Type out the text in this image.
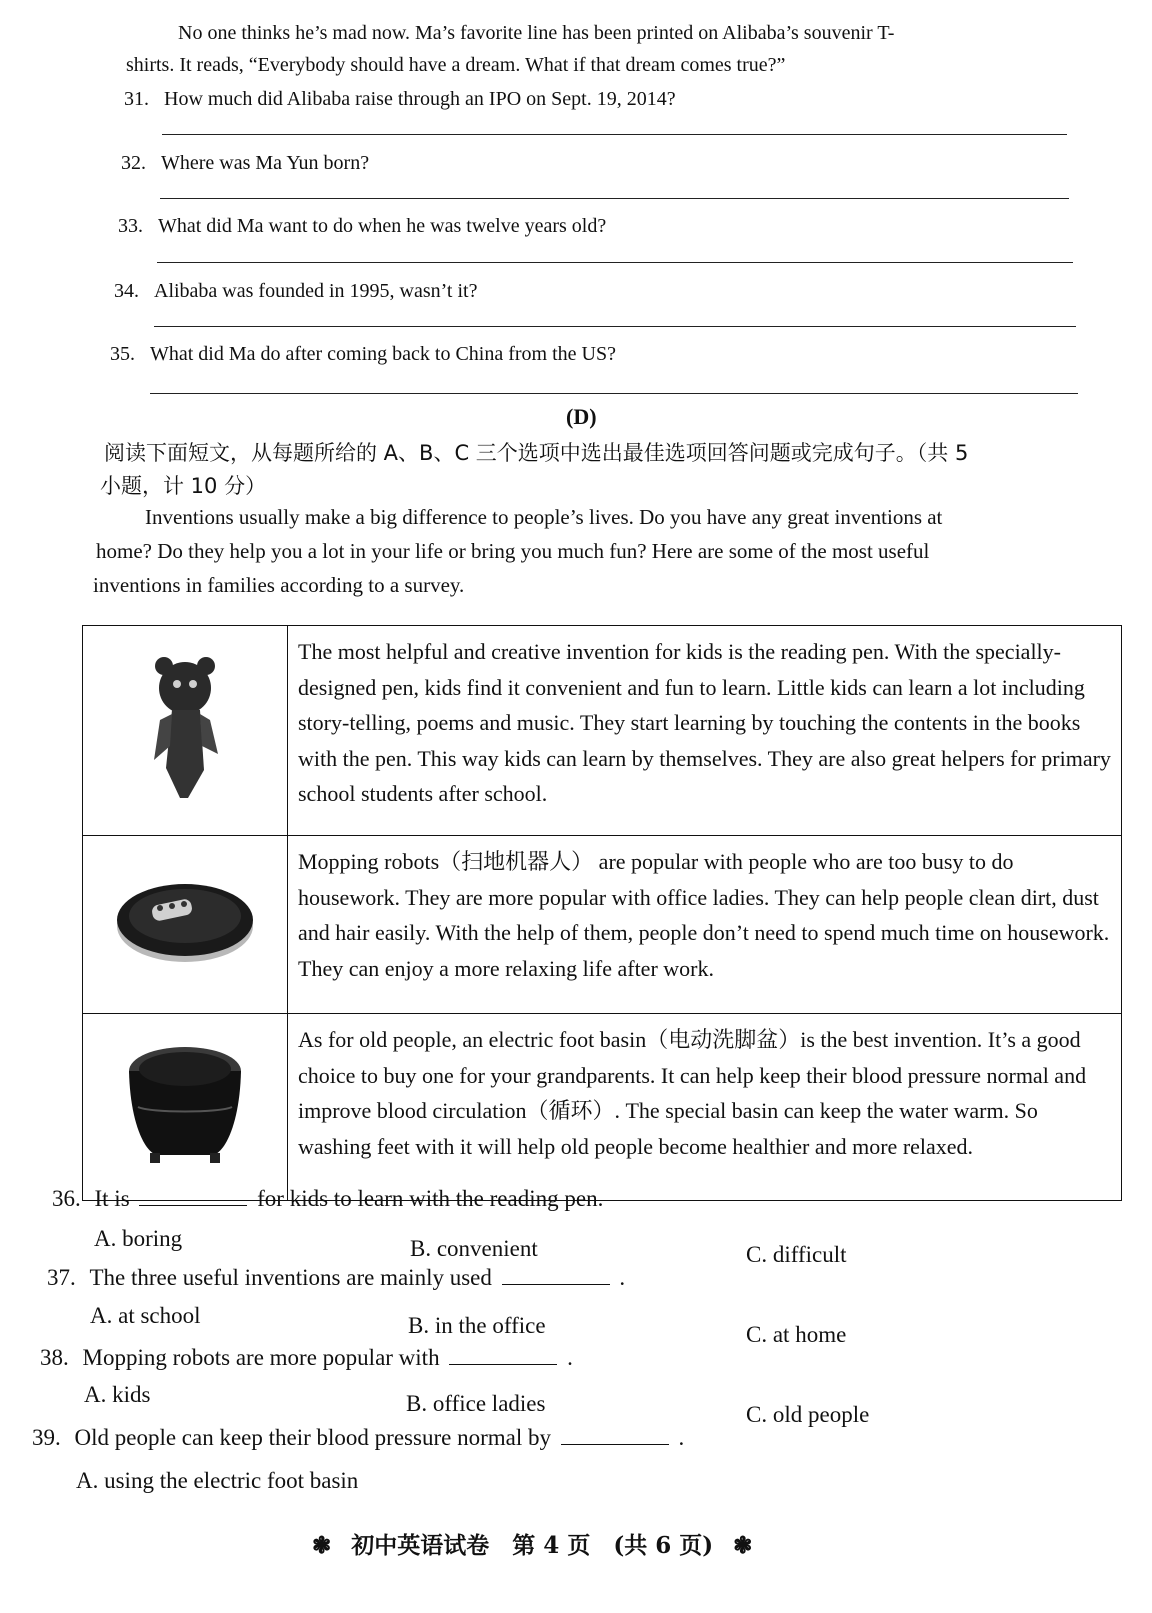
No one thinks he’s mad now. Ma’s favorite line has been printed on Alibaba’s souvenir T-
shirts. It reads, “Everybody should have a dream. What if that dream comes true?”
31. How much did Alibaba raise through an IPO on Sept. 19, 2014?
32. Where was Ma Yun born?
33. What did Ma want to do when he was twelve years old?
34. Alibaba was founded in 1995, wasn’t it?
35. What did Ma do after coming back to China from the US?
(D)
阅读下面短文，从每题所给的 A、B、C 三个选项中选出最佳选项回答问题或完成句子。（共 5
小题，计 10 分）
Inventions usually make a big difference to people’s lives. Do you have any great inventions at
home? Do they help you a lot in your life or bring you much fun? Here are some of the most useful
inventions in families according to a survey.
	The most helpful and creative invention for kids is the reading pen. With the specially-designed pen, kids find it convenient and fun to learn. Little kids can learn a lot including story-telling, poems and music. They start learning by touching the contents in the books with the pen. This way kids can learn by themselves. They are also great helpers for primary school students after school.
	Mopping robots（扫地机器人） are popular with people who are too busy to do housework. They are more popular with office ladies. They can help people clean dirt, dust and hair easily. With the help of them, people don’t need to spend much time on housework. They can enjoy a more relaxing life after work.
	As for old people, an electric foot basin（电动洗脚盆）is the best invention. It’s a good choice to buy one for your grandparents. It can help keep their blood pressure normal and improve blood circulation（循环）. The special basin can keep the water warm. So washing feet with it will help old people become healthier and more relaxed.
36. It is	for kids to learn with the reading pen.
A. boring	B. convenient	C. difficult
37. The three useful inventions are mainly used	.
A. at school	B. in the office	C. at home
38. Mopping robots are more popular with	.
A. kids	B. office ladies	C. old people
39. Old people can keep their blood pressure normal by	.
A. using the electric foot basin
❃ 初中英语试卷　第 4 页　(共 6 页) ❃
